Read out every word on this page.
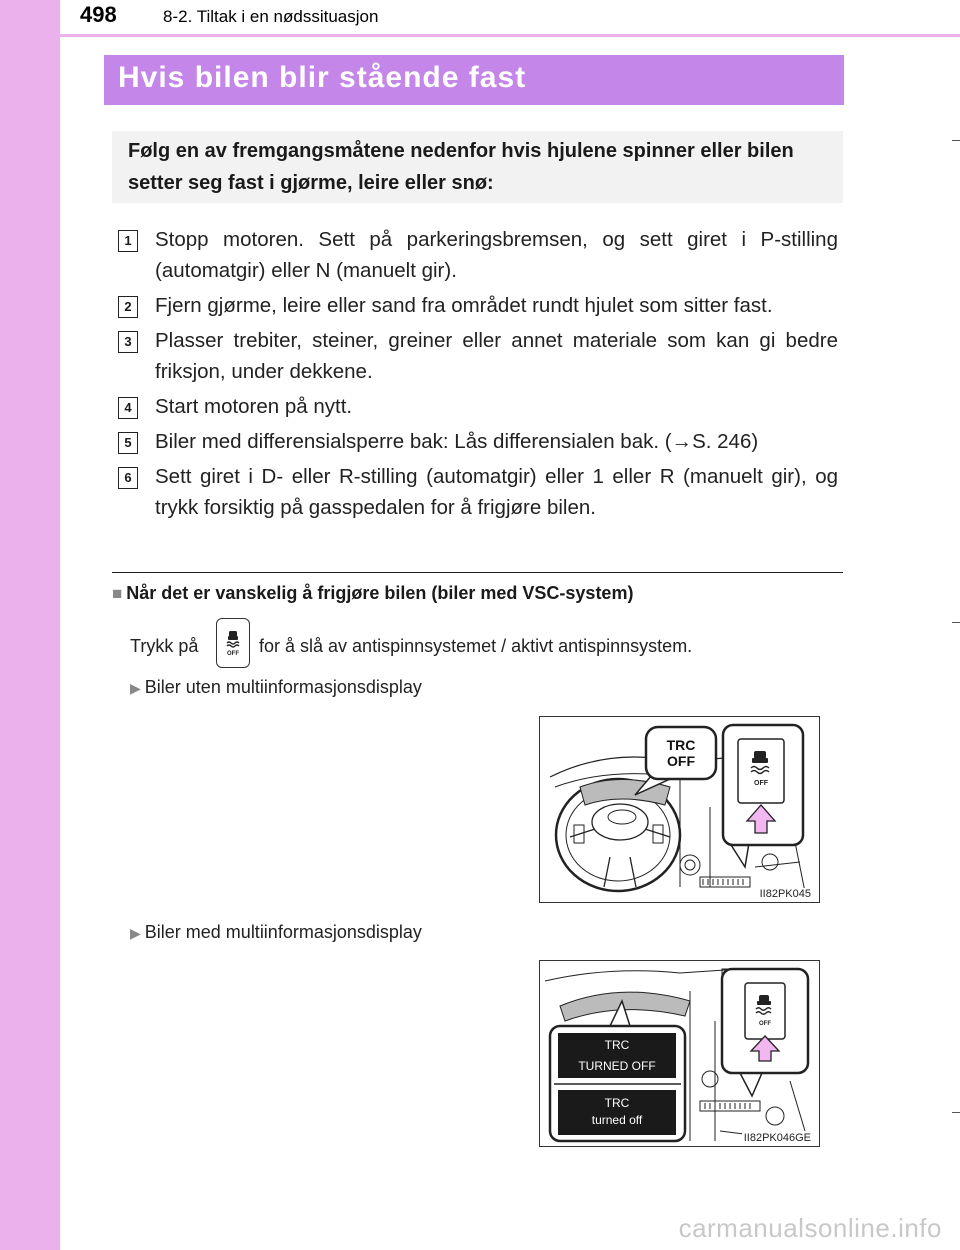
498	8-2. Tiltak i en nødssituasjon
Hvis bilen blir stående fast
Følg en av fremgangsmåtene nedenfor hvis hjulene spinner eller bilen setter seg fast i gjørme, leire eller snø:
1	Stopp motoren. Sett på parkeringsbremsen, og sett giret i P-stilling (automatgir) eller N (manuelt gir).
2	Fjern gjørme, leire eller sand fra området rundt hjulet som sitter fast.
3	Plasser trebiter, steiner, greiner eller annet materiale som kan gi bedre friksjon, under dekkene.
4	Start motoren på nytt.
5	Biler med differensialsperre bak: Lås differensialen bak. (→S. 246)
6	Sett giret i D- eller R-stilling (automatgir) eller 1 eller R (manuelt gir), og trykk forsiktig på gasspedalen for å frigjøre bilen.
■ Når det er vanskelig å frigjøre bilen (biler med VSC-system)
Trykk på	OFF for å slå av antispinnsystemet / aktivt antispinnsystem.
▶ Biler uten multiinformasjonsdisplay
TRC
OFF
OFF
II82PK045
▶ Biler med multiinformasjonsdisplay
TRC
TURNED OFF
TRC
turned off
OFF
II82PK046GE
carmanualsonline.info
